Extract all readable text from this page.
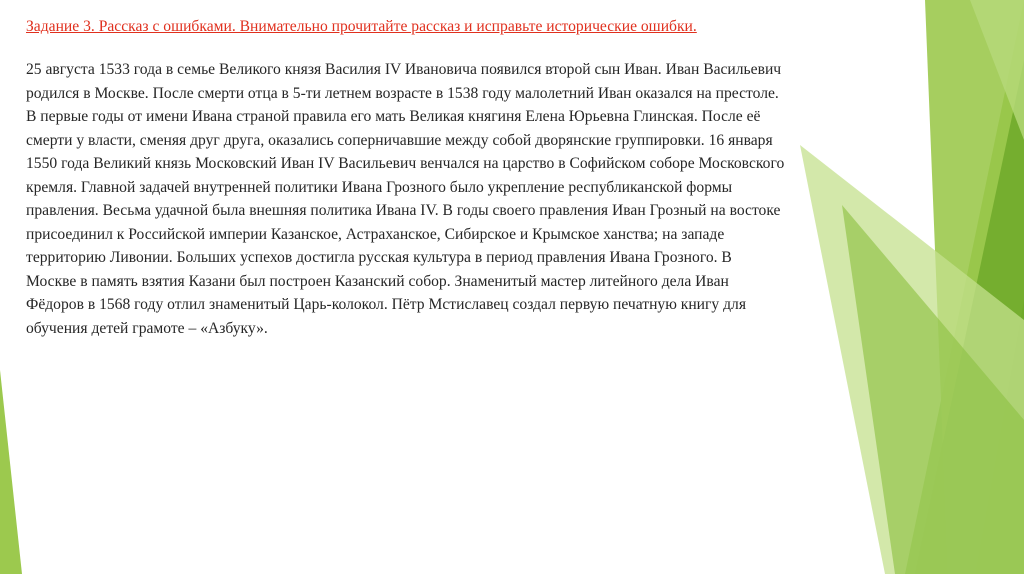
Задание 3. Рассказ с ошибками. Внимательно прочитайте рассказ и исправьте исторические ошибки.

25 августа 1533 года в семье Великого князя Василия IV Ивановича появился второй сын Иван. Иван Васильевич
родился в Москве. После смерти отца в 5-ти летнем возрасте в 1538 году малолетний Иван оказался на престоле.
В первые годы от имени Ивана страной правила его мать Великая княгиня Елена Юрьевна Глинская. После её
смерти у власти, сменяя друг друга, оказались соперничавшие между собой дворянские группировки. 16 января
1550 года Великий князь Московский Иван IV Васильевич венчался на царство в Софийском соборе Московского
кремля. Главной задачей внутренней политики Ивана Грозного было укрепление республиканской формы
правления. Весьма удачной была внешняя политика Ивана IV. В годы своего правления Иван Грозный на востоке
присоединил к Российской империи Казанское, Астраханское, Сибирское и Крымское ханства; на западе
территорию Ливонии. Больших успехов достигла русская культура в период правления Ивана Грозного. В
Москве в память взятия Казани был построен Казанский собор. Знаменитый мастер литейного дела Иван
Фёдоров в 1568 году отлил знаменитый Царь-колокол. Пётр Мстиславец создал первую печатную книгу для
обучения детей грамоте – «Азбуку».
